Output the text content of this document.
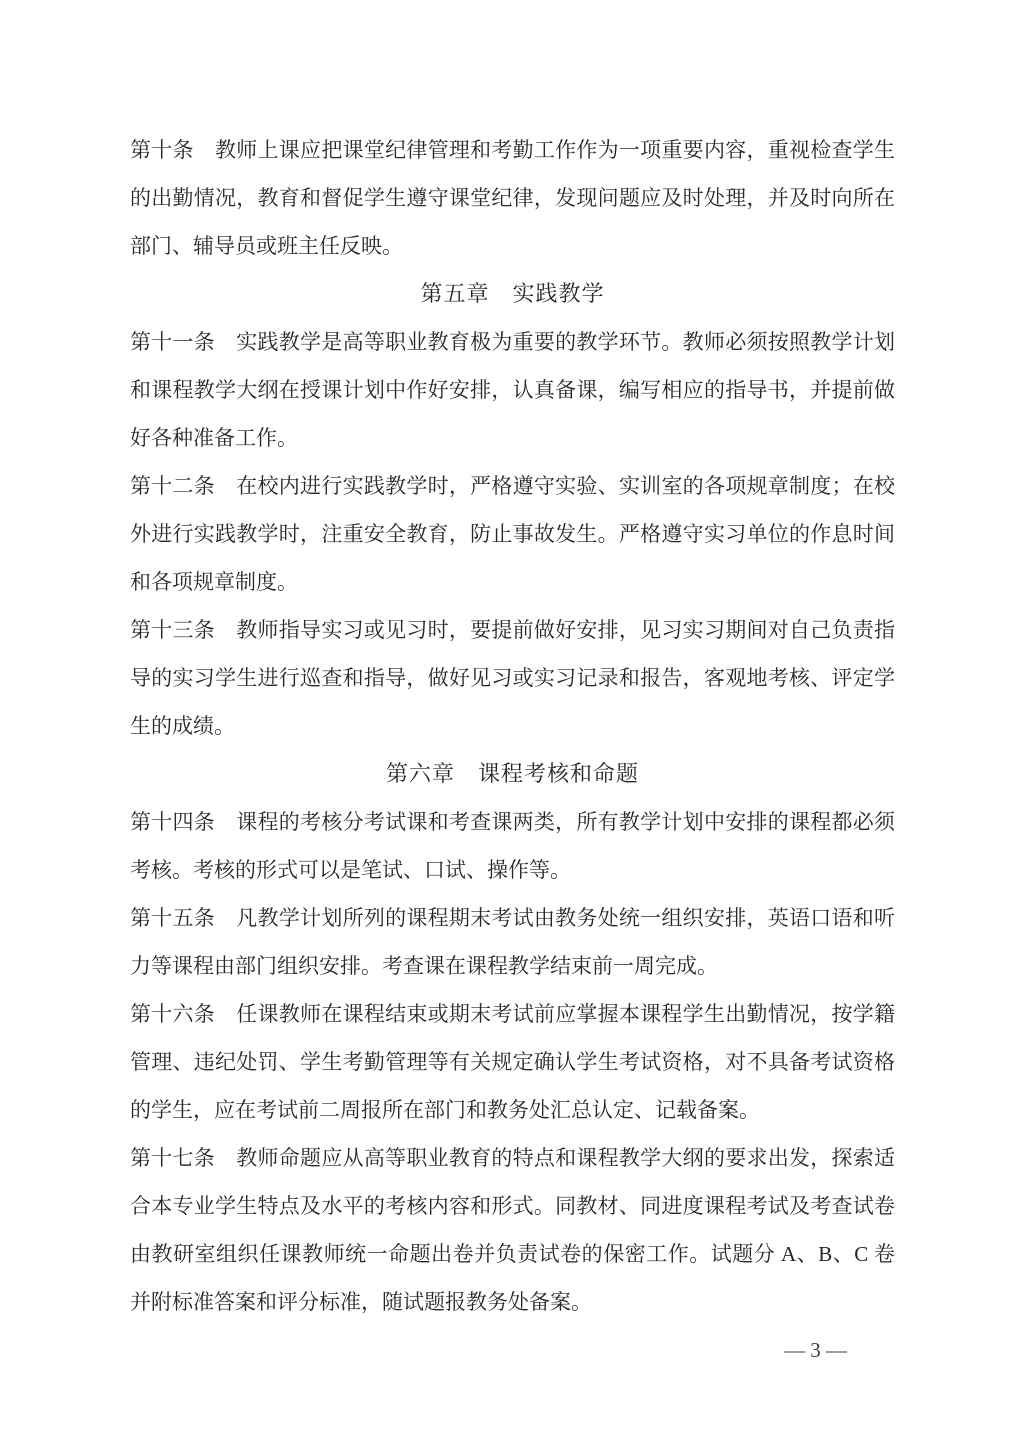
第十条　教师上课应把课堂纪律管理和考勤工作作为一项重要内容，重视检查学生的出勤情况，教育和督促学生遵守课堂纪律，发现问题应及时处理，并及时向所在部门、辅导员或班主任反映。

第五章　实践教学

第十一条　实践教学是高等职业教育极为重要的教学环节。教师必须按照教学计划和课程教学大纲在授课计划中作好安排，认真备课，编写相应的指导书，并提前做好各种准备工作。

第十二条　在校内进行实践教学时，严格遵守实验、实训室的各项规章制度；在校外进行实践教学时，注重安全教育，防止事故发生。严格遵守实习单位的作息时间和各项规章制度。

第十三条　教师指导实习或见习时，要提前做好安排，见习实习期间对自己负责指导的实习学生进行巡查和指导，做好见习或实习记录和报告，客观地考核、评定学生的成绩。

第六章　课程考核和命题

第十四条　课程的考核分考试课和考查课两类，所有教学计划中安排的课程都必须考核。考核的形式可以是笔试、口试、操作等。

第十五条　凡教学计划所列的课程期末考试由教务处统一组织安排，英语口语和听力等课程由部门组织安排。考查课在课程教学结束前一周完成。

第十六条　任课教师在课程结束或期末考试前应掌握本课程学生出勤情况，按学籍管理、违纪处罚、学生考勤管理等有关规定确认学生考试资格，对不具备考试资格的学生，应在考试前二周报所在部门和教务处汇总认定、记载备案。

第十七条　教师命题应从高等职业教育的特点和课程教学大纲的要求出发，探索适合本专业学生特点及水平的考核内容和形式。同教材、同进度课程考试及考查试卷由教研室组织任课教师统一命题出卷并负责试卷的保密工作。试题分 A、B、C 卷并附标准答案和评分标准，随试题报教务处备案。

— 3 —
